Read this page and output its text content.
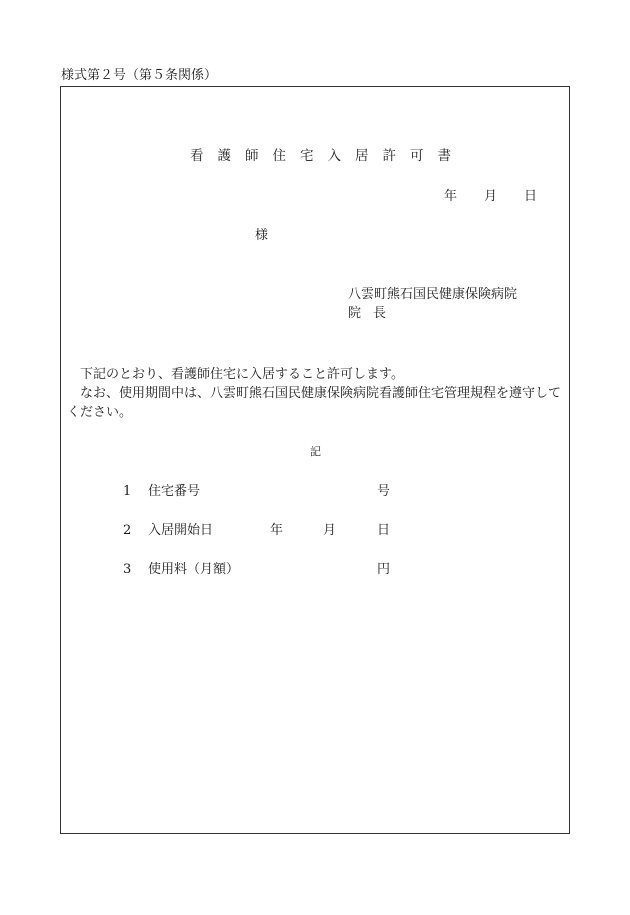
様式第２号（第５条関係）
看護師住宅入居許可書
年 月 日
様
八雲町熊石国民健康保険病院
院長

下記のとおり、看護師住宅に入居すること許可します。

なお、使用期間中は、八雲町熊石国民健康保険病院看護師住宅管理規程を遵守してください。

記
1 住宅番号	号
2 入居開始日	年	月	日
3 使用料（月額）	円
